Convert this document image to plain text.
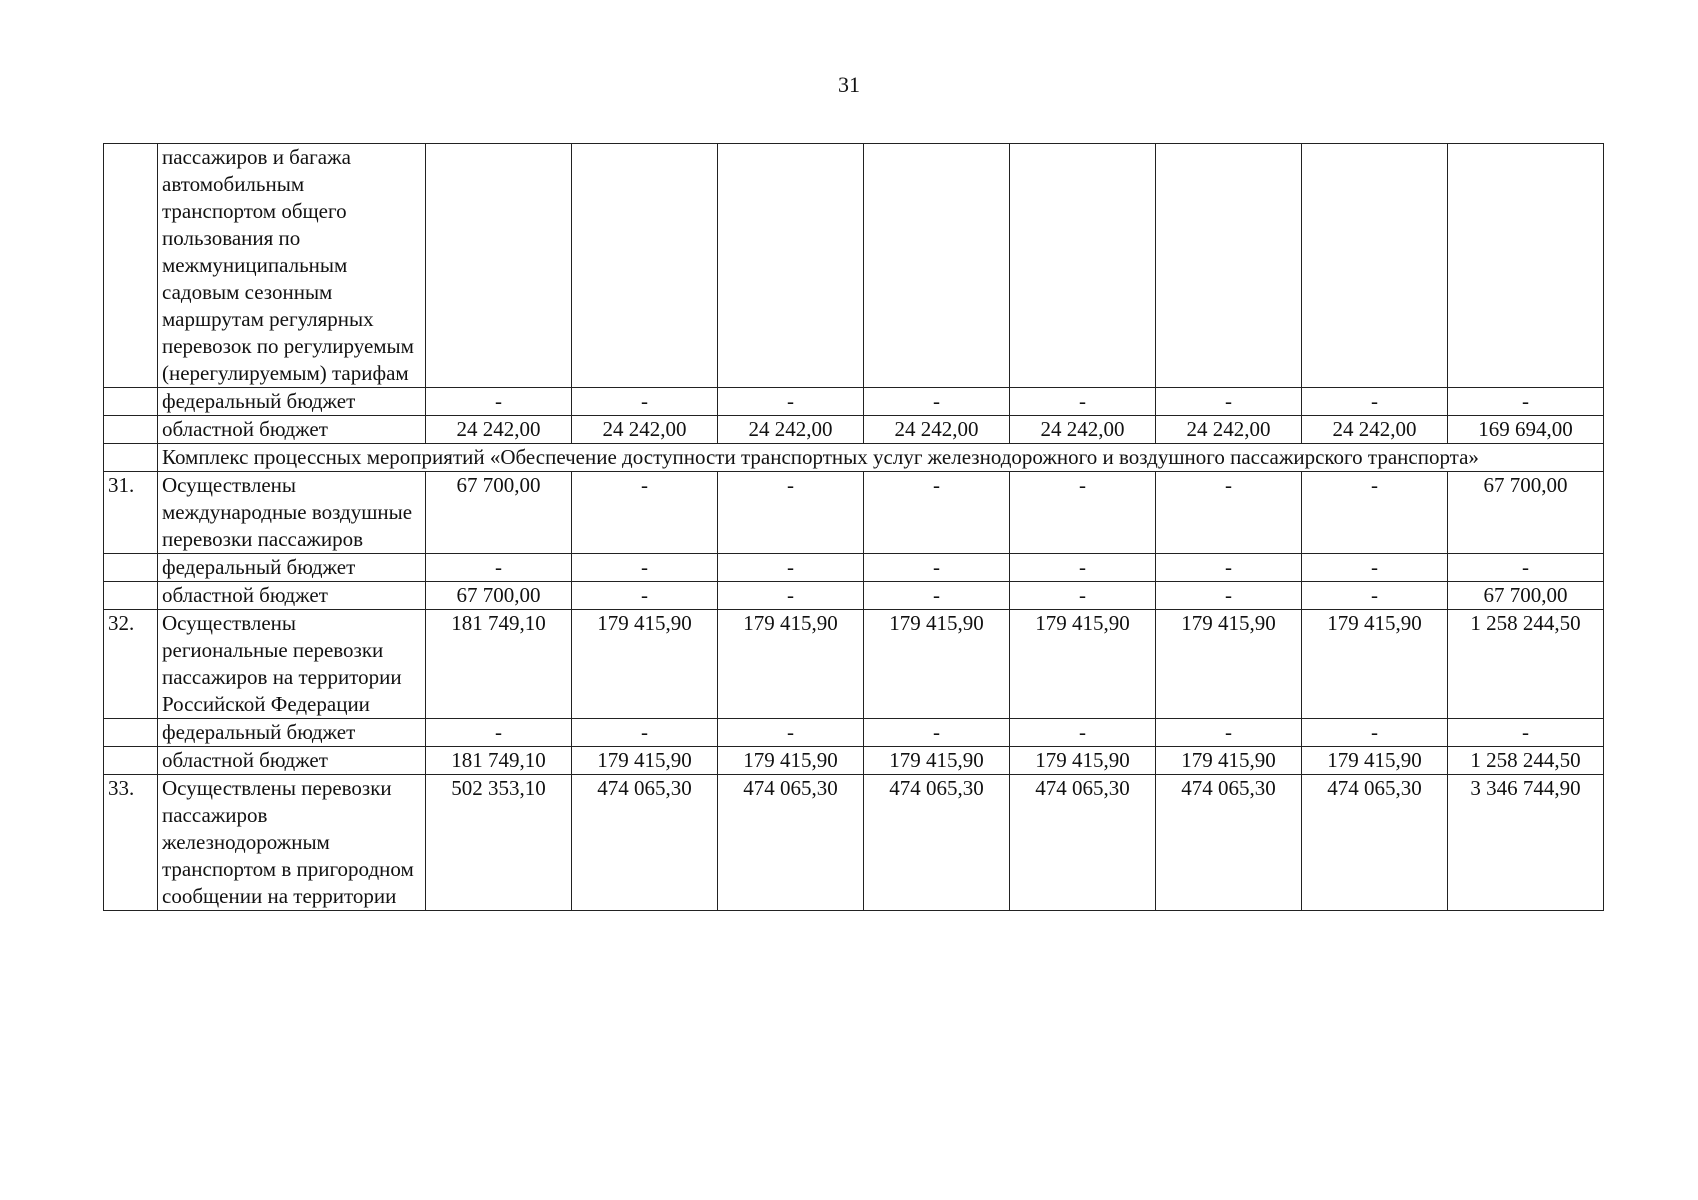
31
	пассажиров и багажа автомобильным транспортом общего пользования по межмуниципальным садовым сезонным маршрутам регулярных перевозок по регулируемым (нерегулируемым) тарифам								
	федеральный бюджет	-	-	-	-	-	-	-	-
	областной бюджет	24 242,00	24 242,00	24 242,00	24 242,00	24 242,00	24 242,00	24 242,00	169 694,00
	Комплекс процессных мероприятий «Обеспечение доступности транспортных услуг железнодорожного и воздушного пассажирского транспорта»								
31.	Осуществлены международные воздушные перевозки пассажиров	67 700,00	-	-	-	-	-	-	67 700,00
	федеральный бюджет	-	-	-	-	-	-	-	-
	областной бюджет	67 700,00	-	-	-	-	-	-	67 700,00
32.	Осуществлены региональные перевозки пассажиров на территории Российской Федерации	181 749,10	179 415,90	179 415,90	179 415,90	179 415,90	179 415,90	179 415,90	1 258 244,50
	федеральный бюджет	-	-	-	-	-	-	-	-
	областной бюджет	181 749,10	179 415,90	179 415,90	179 415,90	179 415,90	179 415,90	179 415,90	1 258 244,50
33.	Осуществлены перевозки пассажиров железнодорожным транспортом в пригородном сообщении на территории	502 353,10	474 065,30	474 065,30	474 065,30	474 065,30	474 065,30	474 065,30	3 346 744,90
